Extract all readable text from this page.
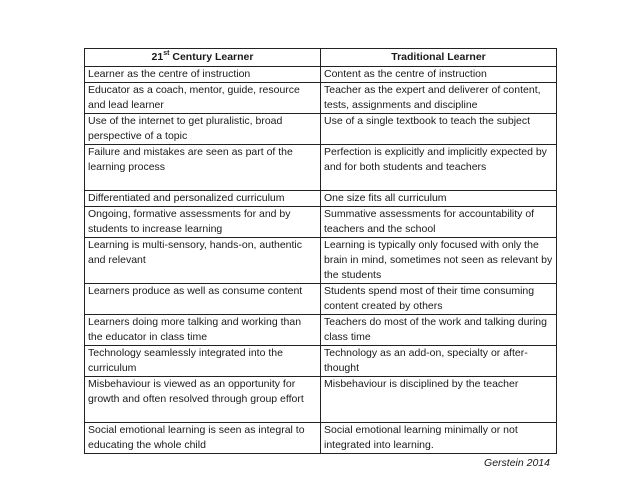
21st Century Learner	Traditional Learner
Learner as the centre of instruction	Content as the centre of instruction
Educator as a coach, mentor, guide, resource and lead learner	Teacher as the expert and deliverer of content, tests, assignments and discipline
Use of the internet to get pluralistic, broad perspective of a topic	Use of a single textbook to teach the subject
Failure and mistakes are seen as part of the learning process	Perfection is explicitly and implicitly expected by and for both students and teachers
Differentiated and personalized curriculum	One size fits all curriculum
Ongoing, formative assessments for and by students to increase learning	Summative assessments for accountability of teachers and the school
Learning is multi-sensory, hands-on, authentic and relevant	Learning is typically only focused with only the brain in mind, sometimes not seen as relevant by the students
Learners produce as well as consume content	Students spend most of their time consuming content created by others
Learners doing more talking and working than the educator in class time	Teachers do most of the work and talking during class time
Technology seamlessly integrated into the curriculum	Technology as an add-on, specialty or after-thought
Misbehaviour is viewed as an opportunity for growth and often resolved through group effort	Misbehaviour is disciplined by the teacher
Social emotional learning is seen as integral to educating the whole child	Social emotional learning minimally or not integrated into learning.
Gerstein 2014
